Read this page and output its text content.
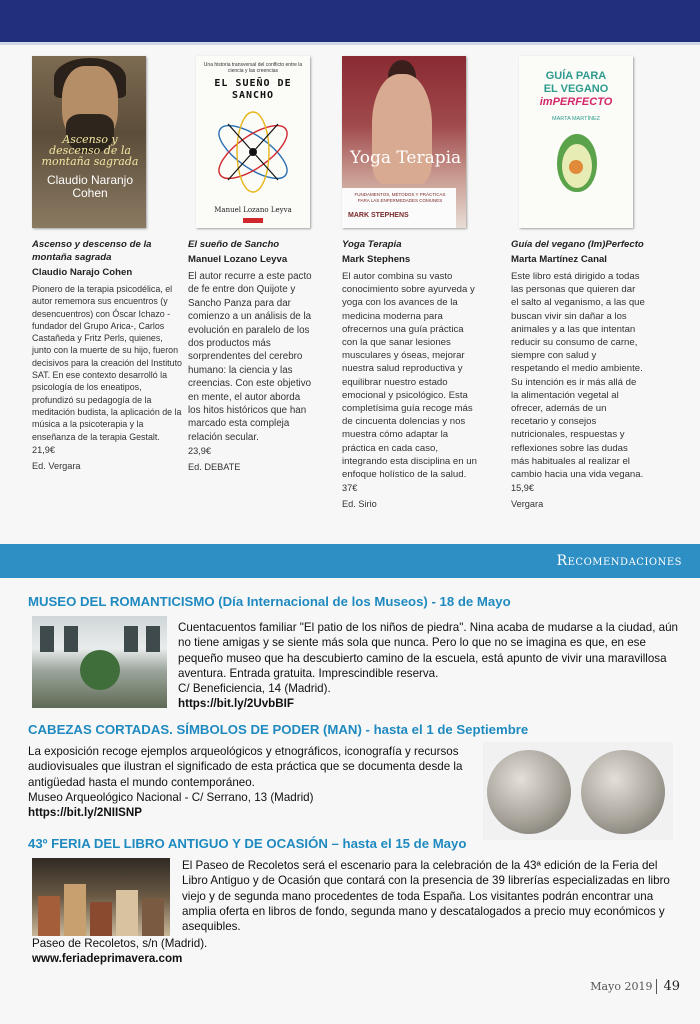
Ascenso y descenso de la montaña sagrada
Claudio Naranjo Cohen
Ascenso y descenso de la montaña sagrada
Claudio Narajo Cohen
Pionero de la terapia psicodélica, el autor rememora sus encuentros (y desencuentros) con Óscar Ichazo -fundador del Grupo Arica-, Carlos Castañeda y Fritz Perls, quienes, junto con la muerte de su hijo, fueron decisivos para la creación del Instituto SAT. En ese contexto desarrolló la psicología de los eneatipos, profundizó su pedagogía de la meditación budista, la aplicación de la música a la psicoterapia y la enseñanza de la terapia Gestalt.
21,9€
Ed. Vergara
Una historia transversal del conflicto entre la ciencia y las creencias
EL SUEÑO DE SANCHO
Manuel Lozano Leyva
El sueño de Sancho
Manuel Lozano Leyva
El autor recurre a este pacto de fe entre don Quijote y Sancho Panza para dar comienzo a un análisis de la evolución en paralelo de los dos productos más sorprendentes del cerebro humano: la ciencia y las creencias. Con este objetivo en mente, el autor aborda los hitos históricos que han marcado esta compleja relación secular.
23,9€
Ed. DEBATE
Yoga Terapia
FUNDAMENTOS, MÉTODOS Y PRÁCTICAS PARA LAS ENFERMEDADES COMUNES
MARK STEPHENS
Yoga Terapia
Mark Stephens
El autor combina su vasto conocimiento sobre ayurveda y yoga con los avances de la medicina moderna para ofrecernos una guía práctica con la que sanar lesiones musculares y óseas, mejorar nuestra salud reproductiva y equilibrar nuestro estado emocional y psicológico. Esta completísima guía recoge más de cincuenta dolencias y nos muestra cómo adaptar la práctica en cada caso, integrando esta disciplina en un enfoque holístico de la salud.
37€
Ed. Sirio
GUÍA PARA
EL VEGANO
imPERFECTO
MARTA MARTÍNEZ
Guía del vegano (Im)Perfecto
Marta Martínez Canal
Este libro está dirigido a todas las personas que quieren dar el salto al veganismo, a las que buscan vivir sin dañar a los animales y a las que intentan reducir su consumo de carne, siempre con salud y respetando el medio ambiente. Su intención es ir más allá de la alimentación vegetal al ofrecer, además de un recetario y consejos nutricionales, respuestas y reflexiones sobre las dudas más habituales al realizar el cambio hacia una vida vegana.
15,9€
Vergara
Recomendaciones
MUSEO DEL ROMANTICISMO (Día Internacional de los Museos) - 18 de Mayo
Cuentacuentos familiar "El patio de los niños de piedra". Nina acaba de mudarse a la ciudad, aún no tiene amigas y se siente más sola que nunca. Pero lo que no se imagina es que, en ese pequeño museo que ha descubierto camino de la escuela, está apunto de vivir una maravillosa aventura. Entrada gratuita. Imprescindible reserva.
C/ Beneficiencia, 14 (Madrid).
https://bit.ly/2UvbBIF
CABEZAS CORTADAS. SÍMBOLOS DE PODER (MAN) - hasta el 1 de Septiembre
La exposición recoge ejemplos arqueológicos y etnográficos, iconografía y recursos audiovisuales que ilustran el significado de esta práctica que se documenta desde la antigüedad hasta el mundo contemporáneo.
Museo Arqueológico Nacional - C/ Serrano, 13 (Madrid)
https://bit.ly/2NIISNP
43º FERIA DEL LIBRO ANTIGUO Y DE OCASIÓN – hasta el 15 de Mayo
El Paseo de Recoletos será el escenario para la celebración de la 43ª edición de la Feria del Libro Antiguo y de Ocasión que contará con la presencia de 39 librerías especializadas en libro viejo y de segunda mano procedentes de toda España. Los visitantes podrán encontrar una amplia oferta en libros de fondo, segunda mano y descatalogados a precio muy económicos y asequibles.
Paseo de Recoletos, s/n (Madrid).
www.feriadeprimavera.com
Mayo 2019 49
